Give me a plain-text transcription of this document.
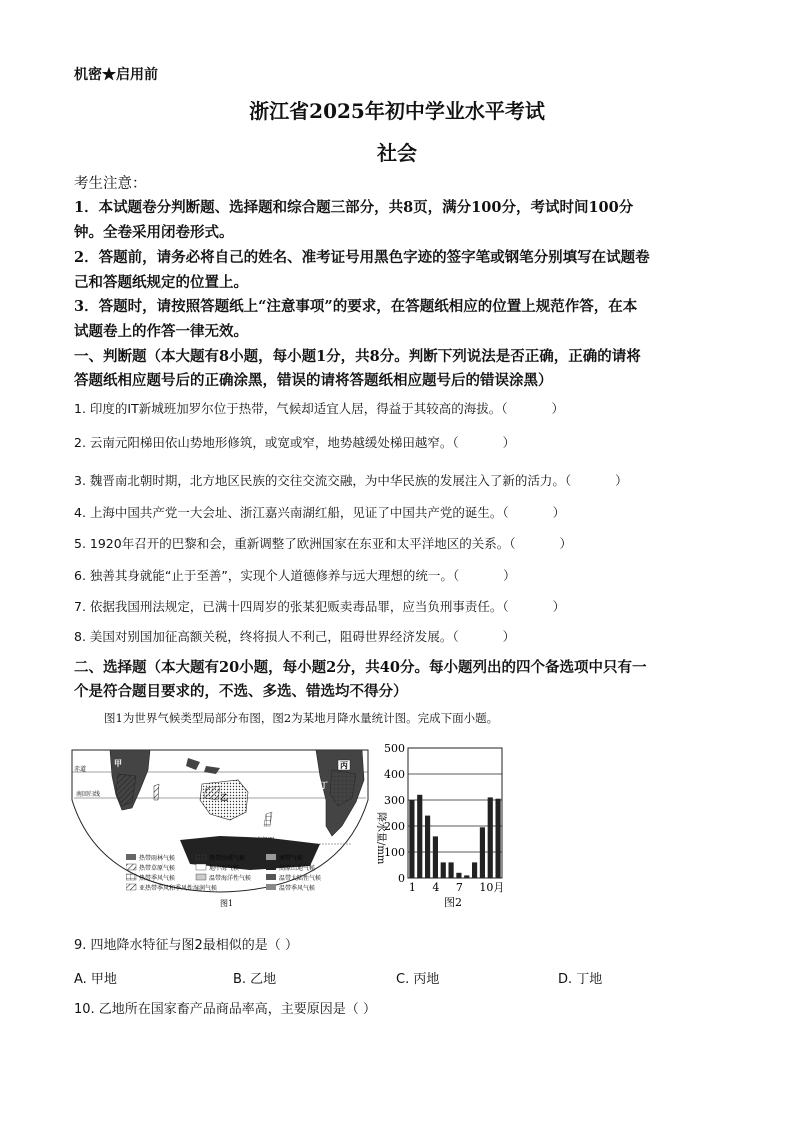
机密★启用前
浙江省2025年初中学业水平考试
社会
考生注意：
1．本试题卷分判断题、选择题和综合题三部分，共8页，满分100分，考试时间100分
钟。全卷采用闭卷形式。
2．答题前，请务必将自己的姓名、准考证号用黑色字迹的签字笔或钢笔分别填写在试题卷
己和答题纸规定的位置上。
3．答题时，请按照答题纸上“注意事项”的要求，在答题纸相应的位置上规范作答，在本
试题卷上的作答一律无效。
一、判断题（本大题有8小题，每小题1分，共8分。判断下列说法是否正确，正确的请将
答题纸相应题号后的正确涂黑，错误的请将答题纸相应题号后的错误涂黑）
1. 印度的IT新城班加罗尔位于热带，气候却适宜人居，得益于其较高的海拔。（	）
2. 云南元阳梯田依山势地形修筑，或宽或窄，地势越缓处梯田越窄。（	）
3. 魏晋南北朝时期，北方地区民族的交往交流交融，为中华民族的发展注入了新的活力。（	）
4. 上海中国共产党一大会址、浙江嘉兴南湖红船，见证了中国共产党的诞生。（	）
5. 1920年召开的巴黎和会，重新调整了欧洲国家在东亚和太平洋地区的关系。（	）
6. 独善其身就能“止于至善”，实现个人道德修养与远大理想的统一。（	）
7. 依据我国刑法规定，已满十四周岁的张某犯贩卖毒品罪，应当负刑事责任。（	）
8. 美国对别国加征高额关税，终将损人不利己，阻碍世界经济发展。（	）
二、选择题（本大题有20小题，每小题2分，共40分。每小题列出的四个备选项中只有一
个是符合题目要求的，不选、多选、错选均不得分）
图1为世界气候类型局部分布图，图2为某地月降水量统计图。完成下面小题。
赤道
南回归线
甲
乙
丙
丁
热带雨林气候	热带沙漠气候	寒带气候
热带草原气候	地中海气候	高原山地气候
热带季风气候	温带海洋性气候	温带大陆性气候
亚热带季风和季风性湿润气候	温带季风气候
图1
0
100
200
300
400
500
1 4 7 10月
降水量/mm
图2
9. 四地降水特征与图2最相似的是（ ）
A. 甲地	B. 乙地	C. 丙地	D. 丁地
10. 乙地所在国家畜产品商品率高，主要原因是（ ）
